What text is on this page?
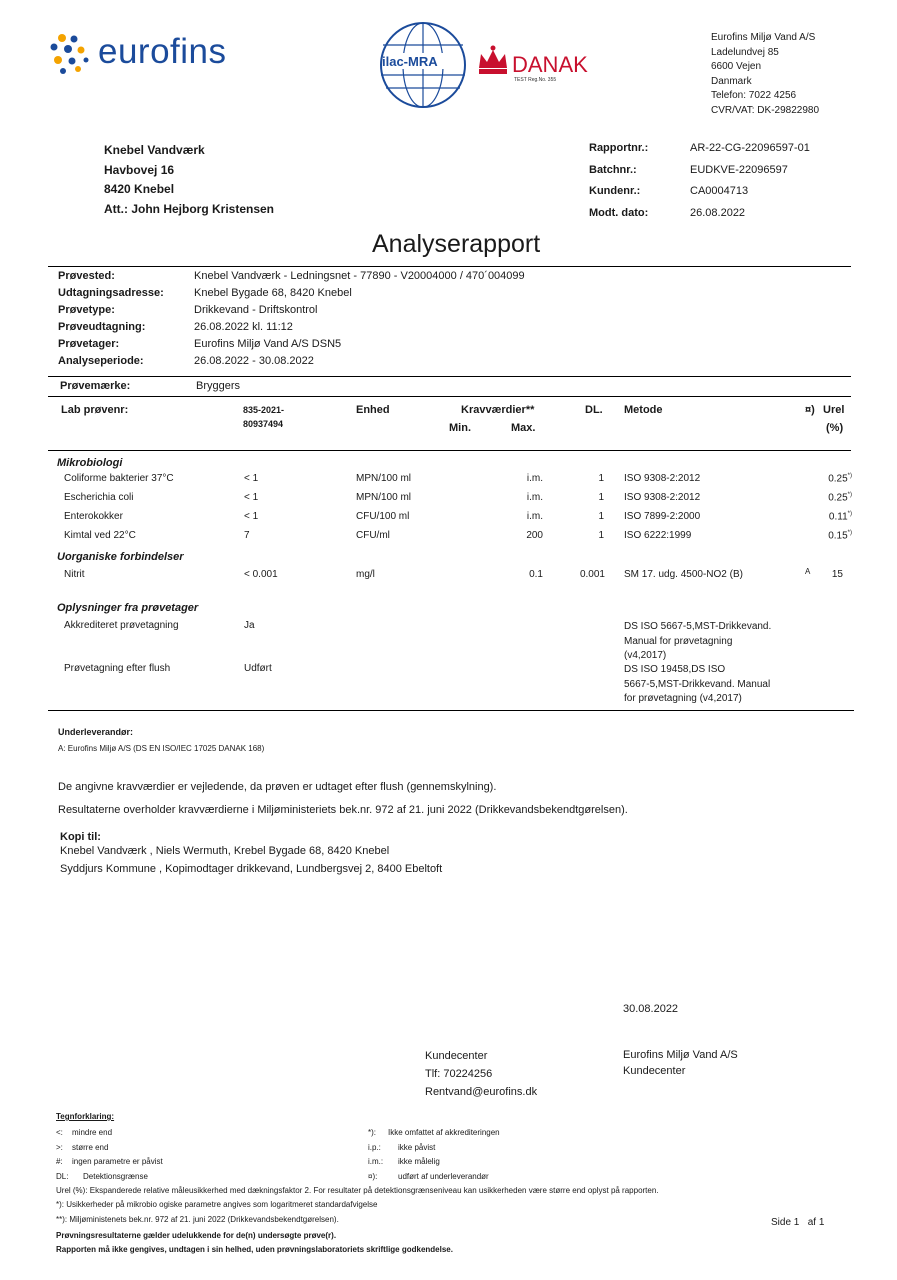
eurofins	ilac-MRA	DANAK
TEST Reg.No. 355
Eurofins Miljø Vand A/S
Ladelundvej 85
6600 Vejen
Danmark
Telefon: 7022 4256
CVR/VAT: DK-29822980
Knebel Vandværk
Havbovej 16
8420 Knebel
Att.: John Hejborg Kristensen
Rapportnr.:	AR-22-CG-22096597-01
Batchnr.:	EUDKVE-22096597
Kundenr.:	CA0004713
Modt. dato:	26.08.2022
Analyserapport
Prøvested:	Knebel Vandværk - Ledningsnet - 77890 - V20004000 / 470´004099
Udtagningsadresse:	Knebel Bygade 68, 8420 Knebel
Prøvetype:	Drikkevand - Driftskontrol
Prøveudtagning:	26.08.2022 kl. 11:12
Prøvetager:	Eurofins Miljø Vand A/S DSN5
Analyseperiode:	26.08.2022 - 30.08.2022
Prøvemærke:	Bryggers
Lab prøvenr:	835-2021-
80937494
Enhed	Kravværdier**
Min.	Max.
DL. Metode	¤) Urel
(%)
Mikrobiologi
Coliforme bakterier 37°C	< 1	MPN/100 ml	i.m.	1 ISO 9308-2:2012	0.25*)
Escherichia coli	< 1	MPN/100 ml	i.m.	1 ISO 9308-2:2012	0.25*)
Enterokokker	< 1	CFU/100 ml	i.m.	1 ISO 7899-2:2000	0.11*)
Kimtal ved 22°C	7	CFU/ml	200	1 ISO 6222:1999	0.15*)
Uorganiske forbindelser
Nitrit	< 0.001	mg/l	0.1	0.001 SM 17. udg. 4500-NO2 (B)	A 15
Oplysninger fra prøvetager
Akkrediteret prøvetagning	Ja	DS ISO 5667-5,MST-Drikkevand.
Manual for prøvetagning
(v4,2017)
Prøvetagning efter flush	Udført	DS ISO 19458,DS ISO
5667-5,MST-Drikkevand. Manual
for prøvetagning (v4,2017)
Underleverandør:
A: Eurofins Miljø A/S (DS EN ISO/IEC 17025 DANAK 168)
De angivne kravværdier er vejledende, da prøven er udtaget efter flush (gennemskylning).
Resultaterne overholder kravværdierne i Miljøministeriets bek.nr. 972 af 21. juni 2022 (Drikkevandsbekendtgørelsen).
Kopi til:
Knebel Vandværk , Niels Wermuth, Krebel Bygade 68, 8420 Knebel
Syddjurs Kommune , Kopimodtager drikkevand, Lundbergsvej 2, 8400 Ebeltoft
30.08.2022
Kundecenter
Tlf: 70224256
Rentvand@eurofins.dk
Eurofins Miljø Vand A/S
Kundecenter
Tegnforklaring:
<: mindre end
>: større end
#: ingen parametre er påvist
DL: Detektionsgrænse
*): Ikke omfattet af akkrediteringen
i.p.: ikke påvist
i.m.: ikke målelig
¤):	udført af underleverandør
Urel (%): Ekspanderede relative måleusikkerhed med dækningsfaktor 2. For resultater på detektionsgrænseniveau kan usikkerheden være større end oplyst på rapporten.
*): Usikkerheder på mikrobio ogiske parametre angives som logaritmeret standardafvigelse
**): Miljøministenets bek.nr. 972 af 21. juni 2022 (Drikkevandsbekendtgørelsen).	Side 1 af 1
Prøvningsresultaterne gælder udelukkende for de(n) undersøgte prøve(r).
Rapporten må ikke gengives, undtagen i sin helhed, uden prøvningslaboratoriets skriftlige godkendelse.
